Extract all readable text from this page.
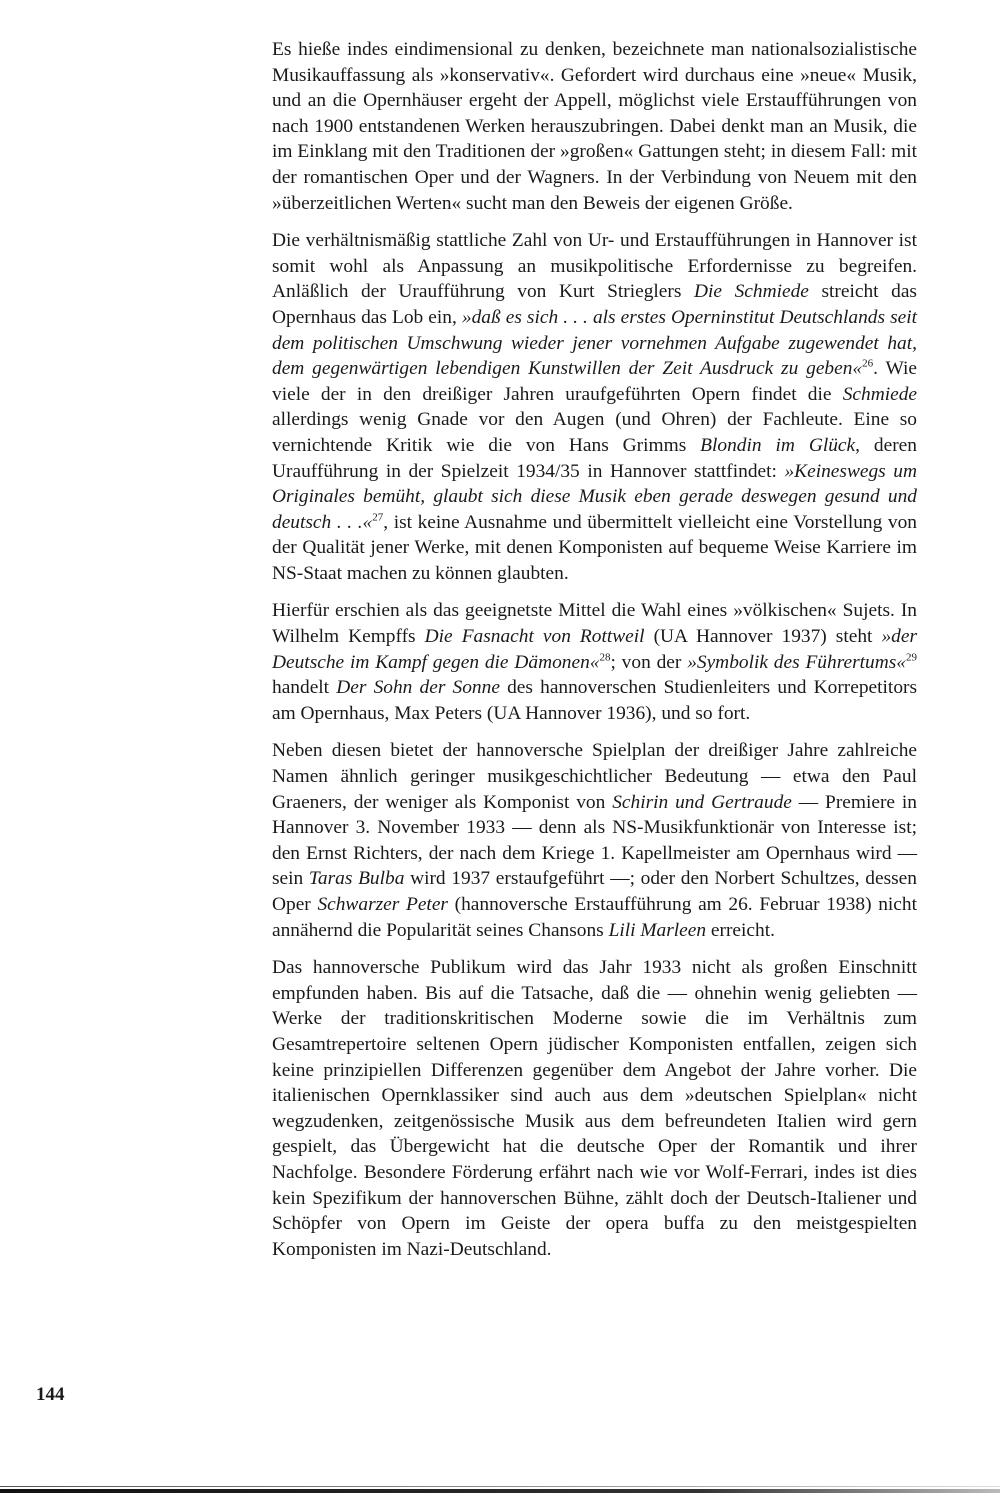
Es hieße indes eindimensional zu denken, bezeichnete man nationalsozialistische Musikauffassung als »konservativ«. Gefordert wird durchaus eine »neue« Musik, und an die Opernhäuser ergeht der Appell, möglichst viele Erstaufführungen von nach 1900 entstandenen Werken herauszubringen. Dabei denkt man an Musik, die im Einklang mit den Traditionen der »großen« Gattungen steht; in diesem Fall: mit der romantischen Oper und der Wagners. In der Verbindung von Neuem mit den »überzeitlichen Werten« sucht man den Beweis der eigenen Größe.

Die verhältnismäßig stattliche Zahl von Ur- und Erstaufführungen in Hannover ist somit wohl als Anpassung an musikpolitische Erfordernisse zu begreifen. Anläßlich der Uraufführung von Kurt Strieglers Die Schmiede streicht das Opernhaus das Lob ein, »daß es sich . . . als erstes Operninstitut Deutschlands seit dem politischen Umschwung wieder jener vornehmen Aufgabe zugewendet hat, dem gegenwärtigen lebendigen Kunstwillen der Zeit Ausdruck zu geben«$^{26}$. Wie viele der in den dreißiger Jahren uraufgeführten Opern findet die Schmiede allerdings wenig Gnade vor den Augen (und Ohren) der Fachleute. Eine so vernichtende Kritik wie die von Hans Grimms Blondin im Glück, deren Uraufführung in der Spielzeit 1934/35 in Hannover stattfindet: »Keineswegs um Originales bemüht, glaubt sich diese Musik eben gerade deswegen gesund und deutsch . . .«$^{27}$, ist keine Ausnahme und übermittelt vielleicht eine Vorstellung von der Qualität jener Werke, mit denen Komponisten auf bequeme Weise Karriere im NS-Staat machen zu können glaubten.

Hierfür erschien als das geeignetste Mittel die Wahl eines »völkischen« Sujets. In Wilhelm Kempffs Die Fasnacht von Rottweil (UA Hannover 1937) steht »der Deutsche im Kampf gegen die Dämonen«$^{28}$; von der »Symbolik des Führertums«$^{29}$ handelt Der Sohn der Sonne des hannoverschen Studienleiters und Korrepetitors am Opernhaus, Max Peters (UA Hannover 1936), und so fort.

Neben diesen bietet der hannoversche Spielplan der dreißiger Jahre zahlreiche Namen ähnlich geringer musikgeschichtlicher Bedeutung — etwa den Paul Graeners, der weniger als Komponist von Schirin und Gertraude — Premiere in Hannover 3. November 1933 — denn als NS-Musikfunktionär von Interesse ist; den Ernst Richters, der nach dem Kriege 1. Kapellmeister am Opernhaus wird — sein Taras Bulba wird 1937 erstaufgeführt —; oder den Norbert Schultzes, dessen Oper Schwarzer Peter (hannoversche Erstaufführung am 26. Februar 1938) nicht annähernd die Popularität seines Chansons Lili Marleen erreicht.

Das hannoversche Publikum wird das Jahr 1933 nicht als großen Einschnitt empfunden haben. Bis auf die Tatsache, daß die — ohnehin wenig geliebten — Werke der traditionskritischen Moderne sowie die im Verhältnis zum Gesamtrepertoire seltenen Opern jüdischer Komponisten entfallen, zeigen sich keine prinzipiellen Differenzen gegenüber dem Angebot der Jahre vorher. Die italienischen Opernklassiker sind auch aus dem »deutschen Spielplan« nicht wegzudenken, zeitgenössische Musik aus dem befreundeten Italien wird gern gespielt, das Übergewicht hat die deutsche Oper der Romantik und ihrer Nachfolge. Besondere Förderung erfährt nach wie vor Wolf-Ferrari, indes ist dies kein Spezifikum der hannoverschen Bühne, zählt doch der Deutsch-Italiener und Schöpfer von Opern im Geiste der opera buffa zu den meistgespielten Komponisten im Nazi-Deutschland.

144
